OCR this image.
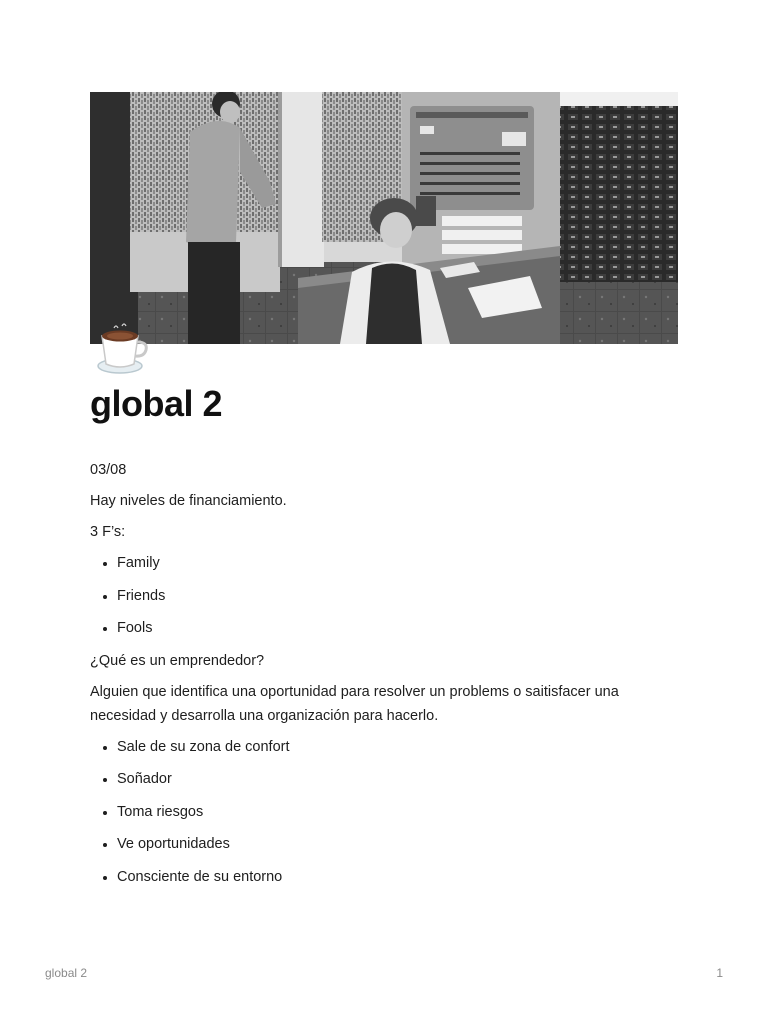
global 2

03/08

Hay niveles de financiamiento.

3 F’s:

• Family
• Friends
• Fools

¿Qué es un emprendedor?

Alguien que identifica una oportunidad para resolver un problems o saitisfacer una necesidad y desarrolla una organización para hacerlo.

• Sale de su zona de confort
• Soñador
• Toma riesgos
• Ve oportunidades
• Consciente de su entorno
global 2	1
